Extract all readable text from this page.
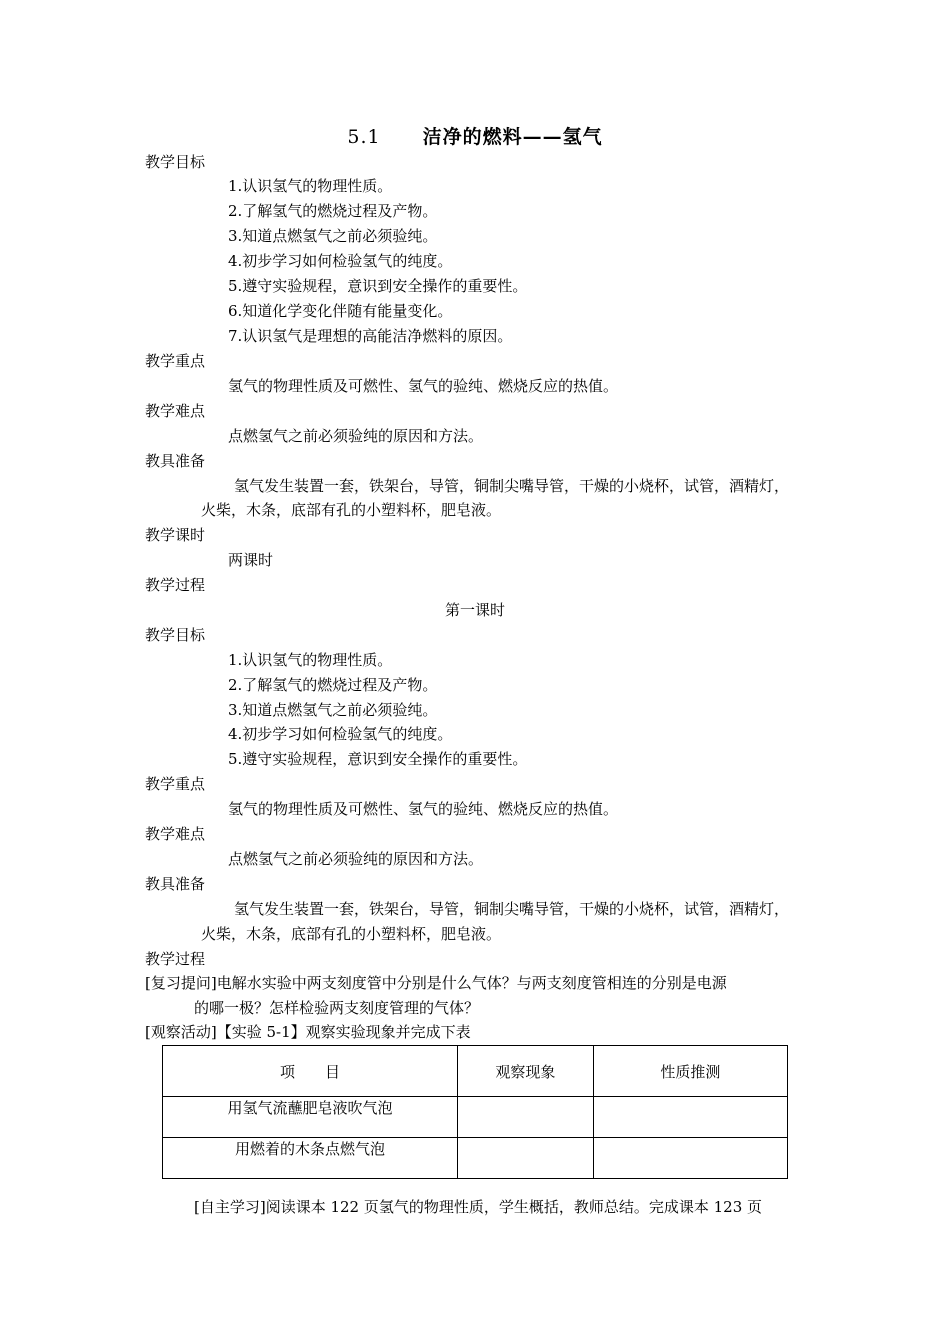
5.1 洁净的燃料——氢气
教学目标
1.认识氢气的物理性质。
2.了解氢气的燃烧过程及产物。
3.知道点燃氢气之前必须验纯。
4.初步学习如何检验氢气的纯度。
5.遵守实验规程，意识到安全操作的重要性。
6.知道化学变化伴随有能量变化。
7.认识氢气是理想的高能洁净燃料的原因。
教学重点
氢气的物理性质及可燃性、氢气的验纯、燃烧反应的热值。
教学难点
点燃氢气之前必须验纯的原因和方法。
教具准备
氢气发生装置一套，铁架台，导管，铜制尖嘴导管，干燥的小烧杯，试管，酒精灯，
火柴，木条，底部有孔的小塑料杯，肥皂液。
教学课时
两课时
教学过程
第一课时
教学目标
1.认识氢气的物理性质。
2.了解氢气的燃烧过程及产物。
3.知道点燃氢气之前必须验纯。
4.初步学习如何检验氢气的纯度。
5.遵守实验规程，意识到安全操作的重要性。
教学重点
氢气的物理性质及可燃性、氢气的验纯、燃烧反应的热值。
教学难点
点燃氢气之前必须验纯的原因和方法。
教具准备
氢气发生装置一套，铁架台，导管，铜制尖嘴导管，干燥的小烧杯，试管，酒精灯，
火柴，木条，底部有孔的小塑料杯，肥皂液。
教学过程
[复习提问]电解水实验中两支刻度管中分别是什么气体？与两支刻度管相连的分别是电源
的哪一极？怎样检验两支刻度管理的气体？
[观察活动]【实验 5-1】观察实验现象并完成下表
项　　目	观察现象	性质推测
用氢气流蘸肥皂液吹气泡		
用燃着的木条点燃气泡		
[自主学习]阅读课本 122 页氢气的物理性质，学生概括，教师总结。完成课本 123 页
